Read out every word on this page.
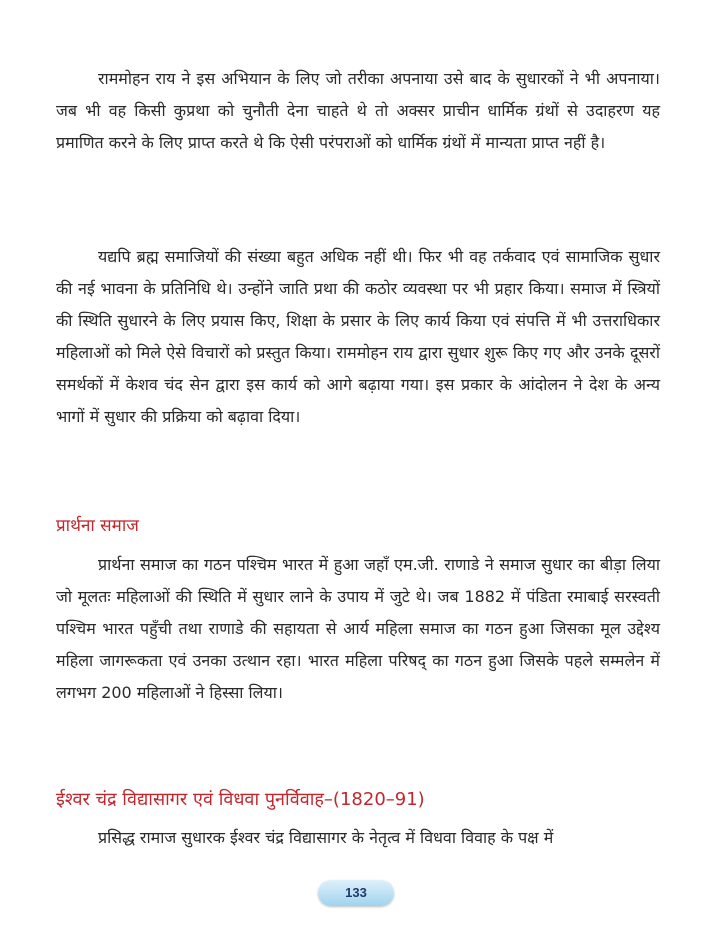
राममोहन राय ने इस अभियान के लिए जो तरीका अपनाया उसे बाद के सुधारकों ने भी अपनाया। जब भी वह किसी कुप्रथा को चुनौती देना चाहते थे तो अक्सर प्राचीन धार्मिक ग्रंथों से उदाहरण यह प्रमाणित करने के लिए प्राप्त करते थे कि ऐसी परंपराओं को धार्मिक ग्रंथों में मान्यता प्राप्त नहीं है।

यद्यपि ब्रह्म समाजियों की संख्या बहुत अधिक नहीं थी। फिर भी वह तर्कवाद एवं सामाजिक सुधार की नई भावना के प्रतिनिधि थे। उन्होंने जाति प्रथा की कठोर व्यवस्था पर भी प्रहार किया। समाज में स्त्रियों की स्थिति सुधारने के लिए प्रयास किए, शिक्षा के प्रसार के लिए कार्य किया एवं संपत्ति में भी उत्तराधिकार महिलाओं को मिले ऐसे विचारों को प्रस्तुत किया। राममोहन राय द्वारा सुधार शुरू किए गए और उनके दूसरों समर्थकों में केशव चंद सेन द्वारा इस कार्य को आगे बढ़ाया गया। इस प्रकार के आंदोलन ने देश के अन्य भागों में सुधार की प्रक्रिया को बढ़ावा दिया।

प्रार्थना समाज

प्रार्थना समाज का गठन पश्चिम भारत में हुआ जहाँ एम.जी. राणाडे ने समाज सुधार का बीड़ा लिया जो मूलतः महिलाओं की स्थिति में सुधार लाने के उपाय में जुटे थे। जब 1882 में पंडिता रमाबाई सरस्वती पश्चिम भारत पहुँची तथा राणाडे की सहायता से आर्य महिला समाज का गठन हुआ जिसका मूल उद्देश्य महिला जागरूकता एवं उनका उत्थान रहा। भारत महिला परिषद् का गठन हुआ जिसके पहले सम्मलेन में लगभग 200 महिलाओं ने हिस्सा लिया।

ईश्वर चंद्र विद्यासागर एवं विधवा पुनर्विवाह–(1820–91)

प्रसिद्ध रामाज सुधारक ईश्वर चंद्र विद्यासागर के नेतृत्व में विधवा विवाह के पक्ष में

133
